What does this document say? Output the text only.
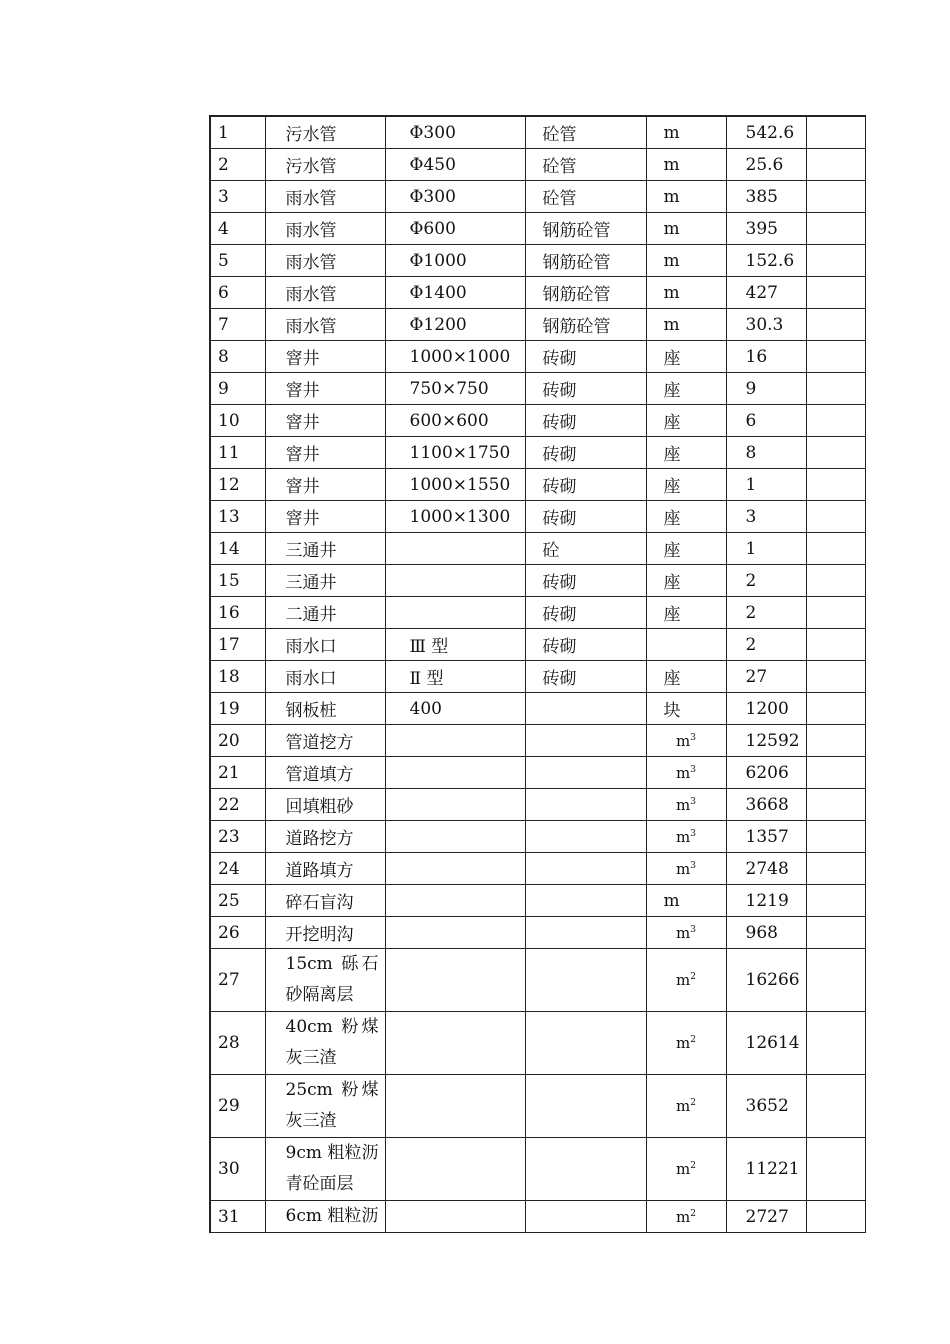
1	污水管	Φ300	砼管	m	542.6	
2	污水管	Φ450	砼管	m	25.6	
3	雨水管	Φ300	砼管	m	385	
4	雨水管	Φ600	钢筋砼管	m	395	
5	雨水管	Φ1000	钢筋砼管	m	152.6	
6	雨水管	Φ1400	钢筋砼管	m	427	
7	雨水管	Φ1200	钢筋砼管	m	30.3	
8	窨井	1000×1000	砖砌	座	16	
9	窨井	750×750	砖砌	座	9	
10	窨井	600×600	砖砌	座	6	
11	窨井	1100×1750	砖砌	座	8	
12	窨井	1000×1550	砖砌	座	1	
13	窨井	1000×1300	砖砌	座	3	
14	三通井		砼	座	1	
15	三通井		砖砌	座	2	
16	二通井		砖砌	座	2	
17	雨水口	Ⅲ 型	砖砌		2	
18	雨水口	Ⅱ 型	砖砌	座	27	
19	钢板桩	400		块	1200	
20	管道挖方			$m^3$	12592	
21	管道填方			$m^3$	6206	
22	回填粗砂			$m^3$	3668	
23	道路挖方			$m^3$	1357	
24	道路填方			$m^3$	2748	
25	碎石盲沟			m	1219	
26	开挖明沟			$m^3$	968	
27	15cm 砾石砂隔离层			$m^2$	16266	
28	40cm 粉煤灰三渣			$m^2$	12614	
29	25cm 粉煤灰三渣			$m^2$	3652	
30	9cm 粗粒沥青砼面层			$m^2$	11221	
31	6cm 粗粒沥			$m^2$	2727	
